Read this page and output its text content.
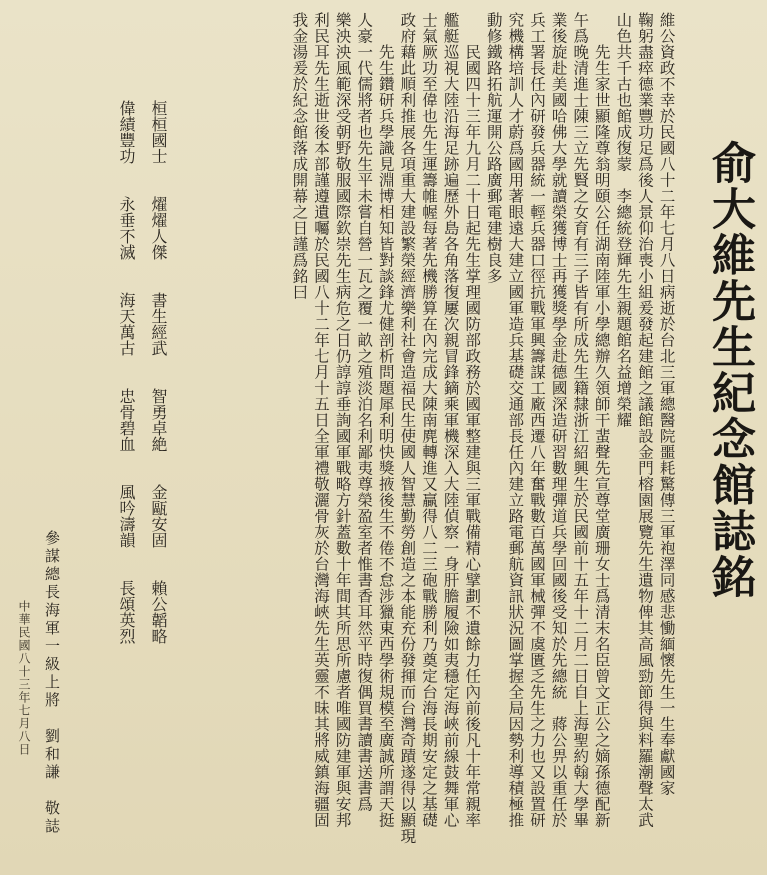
俞大維先生紀念館誌銘
維公資政不幸於民國八十二年七月八日病逝於台北三軍總醫院噩耗驚傳三軍袍澤同感悲慟緬懷先生一生奉獻國家
鞠躬盡瘁德業豐功足爲後人景仰治喪小組爰發起建館之議館設金門榕園展覽先生遺物俾其高風勁節得與料羅潮聲太武
山色共千古也館成復蒙　李總統登輝先生親題館名益增榮耀
　　先生家世顯隆尊翁明頤公任湖南陸軍小學總辦久領師干蜚聲先宣尊堂廣珊女士爲清末名臣曾文正公之嫡孫德配新
午爲晚清進士陳三立先賢之女育有三子皆有所成先生籍隸浙江紹興生於民國前十五年十二月二日自上海聖約翰大學畢
業後旋赴美國哈佛大學就讀榮獲博士再獲獎學金赴德國深造研習數理彈道兵學回國後受知於先總統　蔣公畀以重任於
兵工署長任內研發兵器統一輕兵器口徑抗戰軍興籌謀工廠西遷八年奮戰數百萬國軍械彈不虞匱乏先生之力也又設置研
究機構培訓人才蔚爲國用著眼遠大建立國軍造兵基礎交通部長任內建立路電郵航資訊狀況圖掌握全局因勢利導積極推
動修鐵路拓航運開公路廣郵電建樹良多
　　民國四十三年九月二十日起先生掌理國防部政務於國軍整建與三軍戰備精心擘劃不遺餘力任內前後凡十年常親率
艦艇巡視大陸沿海足跡遍歷外島各角落復屢次親冒鋒鏑乘軍機深入大陸偵察一身肝膽履險如夷穩定海峽前線鼓舞軍心
士氣厥功至偉也先生運籌帷幄每著先機勝算在內完成大陳南麂轉進又贏得八二三砲戰勝利乃奠定台海長期安定之基礎
政府藉此順利推展各項重大建設繁榮經濟樂利社會造福民生使國人智慧勤勞創造之本能充份發揮而台灣奇蹟遂得以顯現
　　先生鑽研兵學識見淵博相知皆對談鋒尤健剖析問題犀利明快獎掖後生不倦不怠涉獵東西學術規模至廣誠所謂天挺
人豪一代儒將者也先生平未嘗自營一瓦之覆一畝之殖淡泊名利鄙夷尊榮盈室者惟書香耳然平時復偶買書讀書送書爲
樂泱泱風範深受朝野敬服國際欽崇先生病危之日仍諄諄垂詢國軍戰略方針蓋數十年間其所思所慮者唯國防建軍與安邦
利民耳先生逝世後本部謹遵遺囑於民國八十二年七月十五日全軍禮敬灑骨灰於台灣海峽先生英靈不昧其將威鎮海疆固
我金湯爰於紀念館落成開幕之日謹爲銘曰
桓桓國士　　燿燿人傑　　書生經武　　智勇卓絶　　金甌安固　　賴公韜略
偉績豐功　　永垂不滅　　海天萬古　　忠骨碧血　　風吟濤韻　　長頌英烈
參謀總長海軍一級上將　劉和謙　敬誌
中華民國八十三年七月八日
